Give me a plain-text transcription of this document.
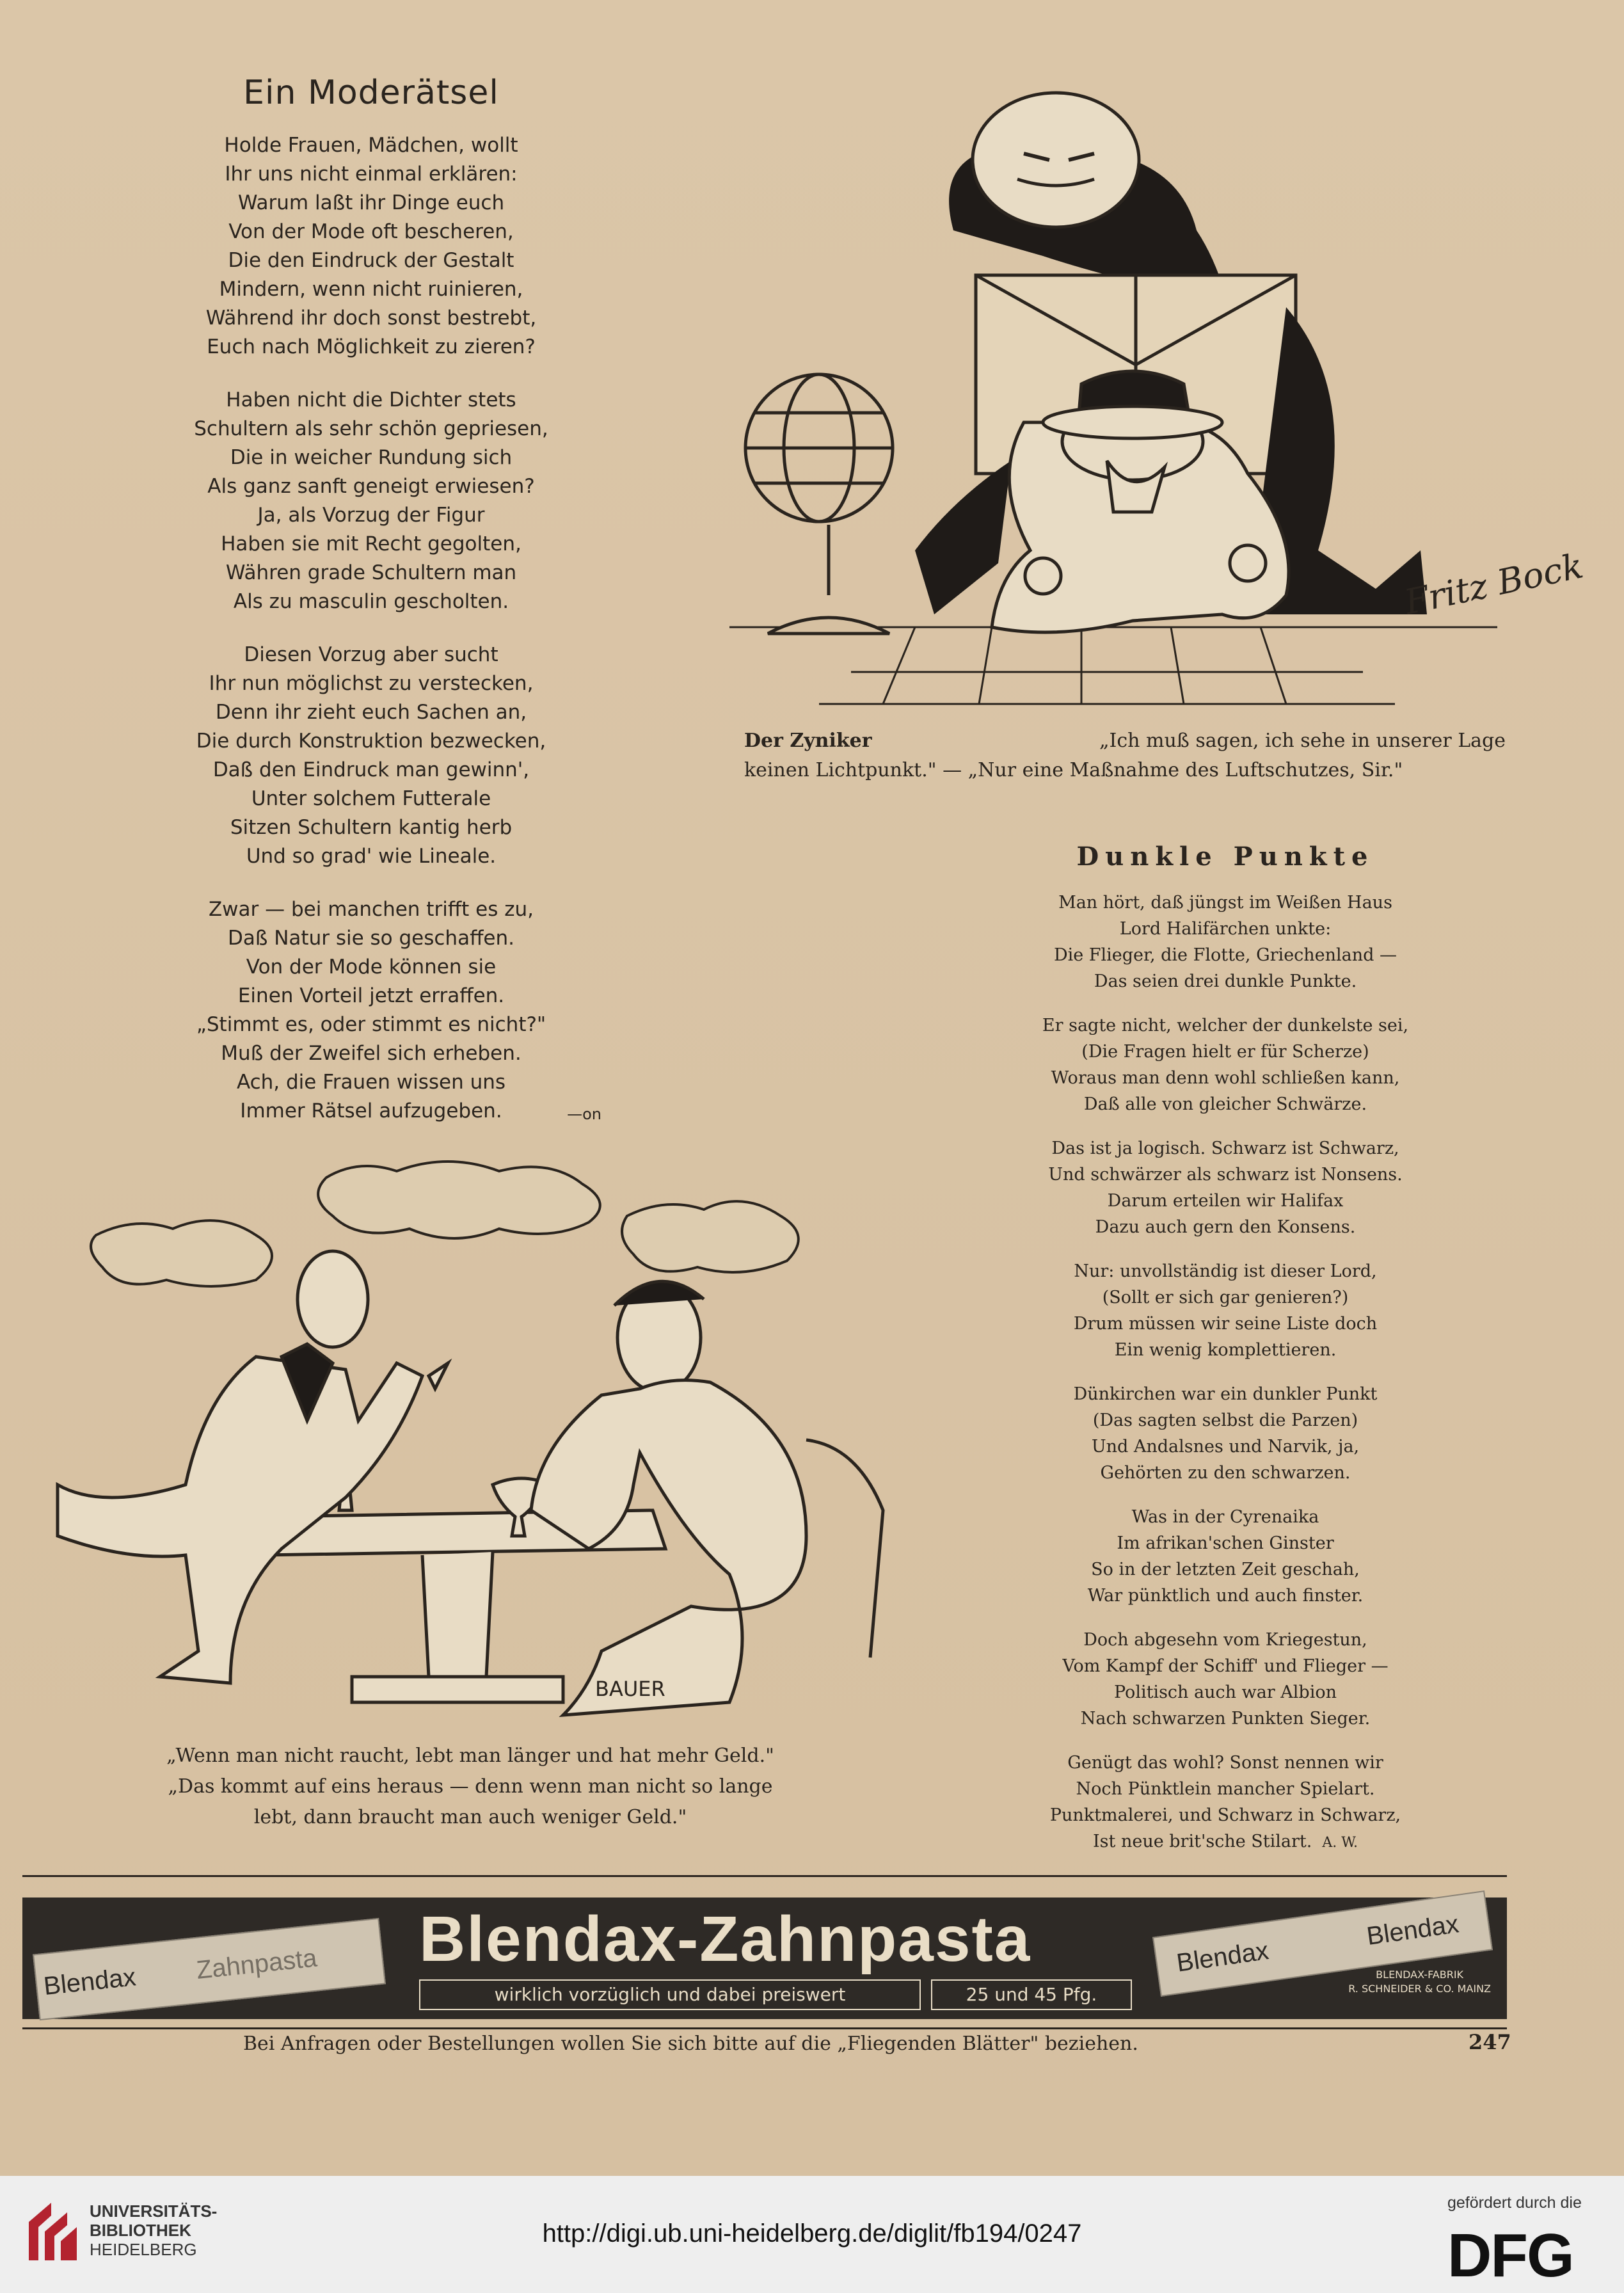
Ein Moderätsel
Holde Frauen, Mädchen, wollt
Ihr uns nicht einmal erklären:
Warum laßt ihr Dinge euch
Von der Mode oft bescheren,
Die den Eindruck der Gestalt
Mindern, wenn nicht ruinieren,
Während ihr doch sonst bestrebt,
Euch nach Möglichkeit zu zieren?
Haben nicht die Dichter stets
Schultern als sehr schön gepriesen,
Die in weicher Rundung sich
Als ganz sanft geneigt erwiesen?
Ja, als Vorzug der Figur
Haben sie mit Recht gegolten,
Währen grade Schultern man
Als zu masculin gescholten.
Diesen Vorzug aber sucht
Ihr nun möglichst zu verstecken,
Denn ihr zieht euch Sachen an,
Die durch Konstruktion bezwecken,
Daß den Eindruck man gewinn',
Unter solchem Futterale
Sitzen Schultern kantig herb
Und so grad' wie Lineale.
Zwar — bei manchen trifft es zu,
Daß Natur sie so geschaffen.
Von der Mode können sie
Einen Vorteil jetzt erraffen.
„Stimmt es, oder stimmt es nicht?"
Muß der Zweifel sich erheben.
Ach, die Frauen wissen uns
Immer Rätsel aufzugeben.	—on
Fritz Bock
Der Zyniker	„Ich muß sagen, ich sehe in unserer Lage
keinen Lichtpunkt." — „Nur eine Maßnahme des Luftschutzes, Sir."
Dunkle Punkte
Man hört, daß jüngst im Weißen Haus
Lord Halifärchen unkte:
Die Flieger, die Flotte, Griechenland —
Das seien drei dunkle Punkte.
Er sagte nicht, welcher der dunkelste sei,
(Die Fragen hielt er für Scherze)
Woraus man denn wohl schließen kann,
Daß alle von gleicher Schwärze.
Das ist ja logisch. Schwarz ist Schwarz,
Und schwärzer als schwarz ist Nonsens.
Darum erteilen wir Halifax
Dazu auch gern den Konsens.
Nur: unvollständig ist dieser Lord,
(Sollt er sich gar genieren?)
Drum müssen wir seine Liste doch
Ein wenig komplettieren.
Dünkirchen war ein dunkler Punkt
(Das sagten selbst die Parzen)
Und Andalsnes und Narvik, ja,
Gehörten zu den schwarzen.
Was in der Cyrenaika
Im afrikan'schen Ginster
So in der letzten Zeit geschah,
War pünktlich und auch finster.
Doch abgesehn vom Kriegestun,
Vom Kampf der Schiff' und Flieger —
Politisch auch war Albion
Nach schwarzen Punkten Sieger.
Genügt das wohl? Sonst nennen wir
Noch Pünktlein mancher Spielart.
Punktmalerei, und Schwarz in Schwarz,
Ist neue brit'sche Stilart. A. W.
BAUER
„Wenn man nicht raucht, lebt man länger und hat mehr Geld."
„Das kommt auf eins heraus — denn wenn man nicht so lange
lebt, dann braucht man auch weniger Geld."
Blendax Zahnpasta Blendax-Zahnpasta
wirklich vorzüglich und dabei preiswert	25 und 45 Pfg.
Blendax
Blendax
BLENDAX-FABRIK
R. SCHNEIDER & CO. MAINZ
Bei Anfragen oder Bestellungen wollen Sie sich bitte auf die „Fliegenden Blätter" beziehen.	247
UNIVERSITÄTS-
BIBLIOTHEK
HEIDELBERG
http://digi.ub.uni-heidelberg.de/diglit/fb194/0247
gefördert durch die
DFG
